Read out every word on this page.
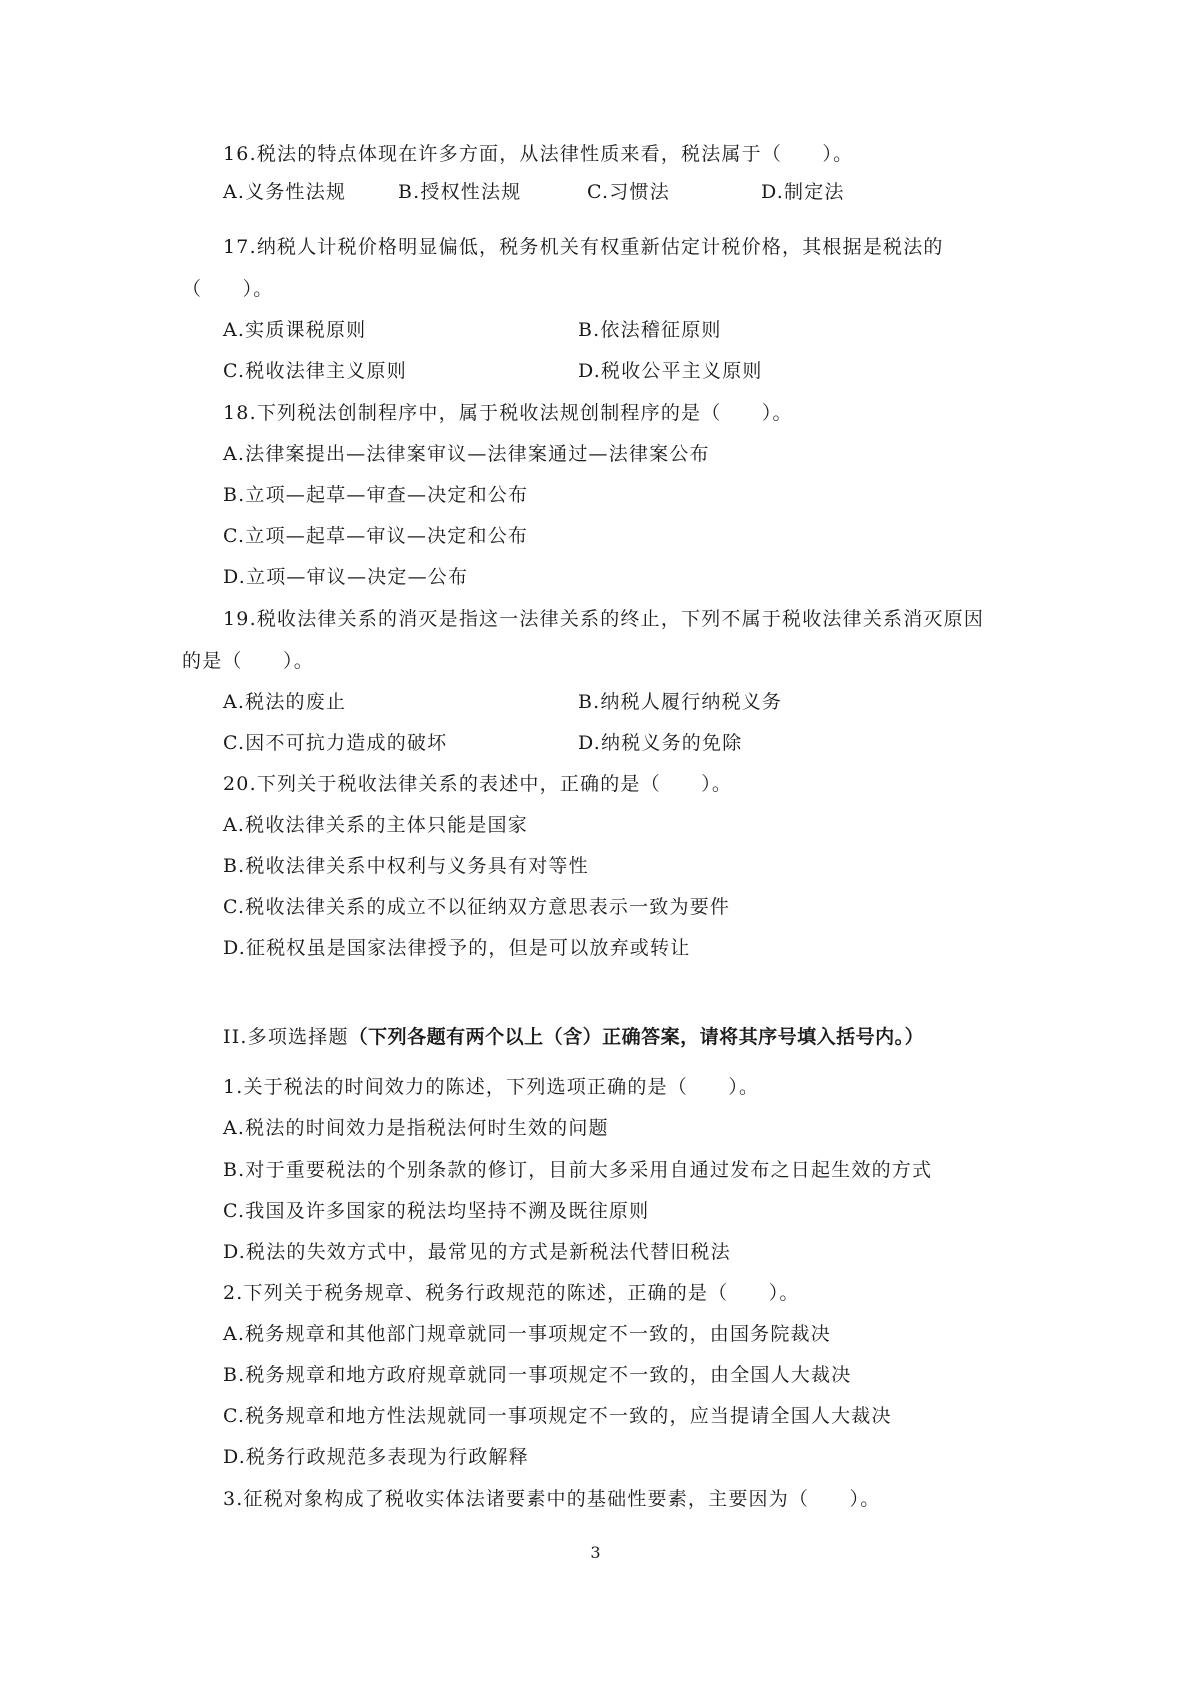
16.税法的特点体现在许多方面，从法律性质来看，税法属于（　　）。
A.义务性法规	B.授权性法规	C.习惯法	D.制定法
17.纳税人计税价格明显偏低，税务机关有权重新估定计税价格，其根据是税法的
（　　）。
A.实质课税原则	B.依法稽征原则
C.税收法律主义原则	D.税收公平主义原则
18.下列税法创制程序中，属于税收法规创制程序的是（　　）。
A.法律案提出—法律案审议—法律案通过—法律案公布
B.立项—起草—审查—决定和公布
C.立项—起草—审议—决定和公布
D.立项—审议—决定—公布
19.税收法律关系的消灭是指这一法律关系的终止，下列不属于税收法律关系消灭原因
的是（　　）。
A.税法的废止	B.纳税人履行纳税义务
C.因不可抗力造成的破坏	D.纳税义务的免除
20.下列关于税收法律关系的表述中，正确的是（　　）。
A.税收法律关系的主体只能是国家
B.税收法律关系中权利与义务具有对等性
C.税收法律关系的成立不以征纳双方意思表示一致为要件
D.征税权虽是国家法律授予的，但是可以放弃或转让
II.多项选择题（下列各题有两个以上（含）正确答案，请将其序号填入括号内。）
1.关于税法的时间效力的陈述，下列选项正确的是（　　）。
A.税法的时间效力是指税法何时生效的问题
B.对于重要税法的个别条款的修订，目前大多采用自通过发布之日起生效的方式
C.我国及许多国家的税法均坚持不溯及既往原则
D.税法的失效方式中，最常见的方式是新税法代替旧税法
2.下列关于税务规章、税务行政规范的陈述，正确的是（　　）。
A.税务规章和其他部门规章就同一事项规定不一致的，由国务院裁决
B.税务规章和地方政府规章就同一事项规定不一致的，由全国人大裁决
C.税务规章和地方性法规就同一事项规定不一致的，应当提请全国人大裁决
D.税务行政规范多表现为行政解释
3.征税对象构成了税收实体法诸要素中的基础性要素，主要因为（　　）。
3
